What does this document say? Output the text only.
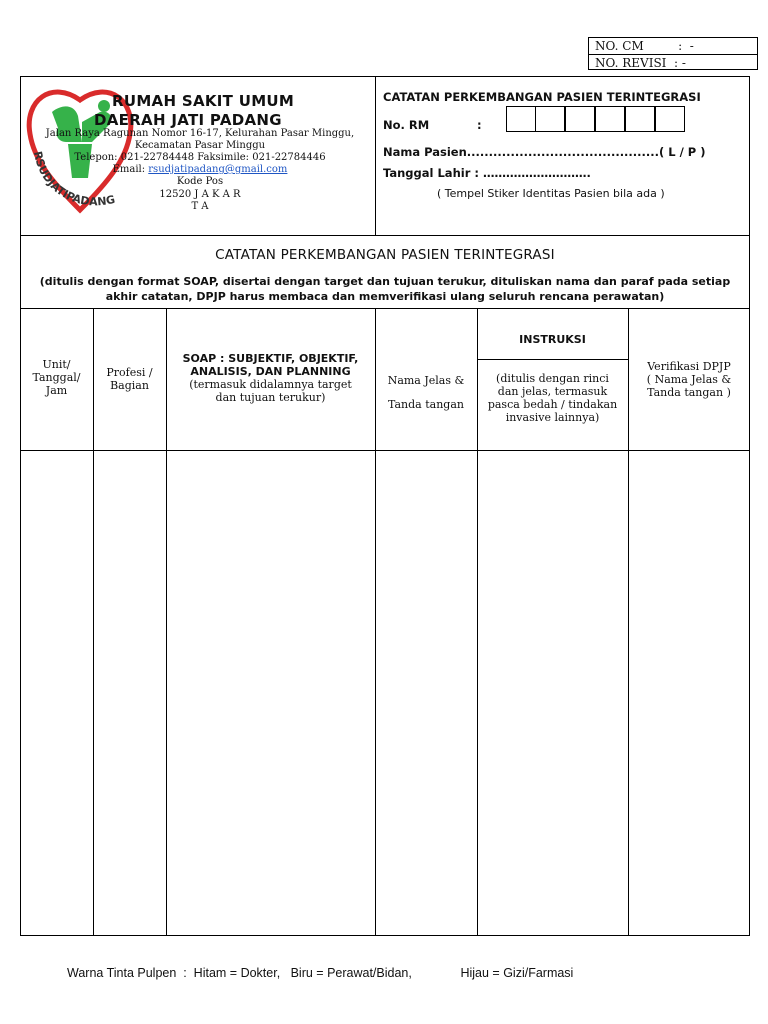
NO. CM         :  -
NO. REVISI  : -
RSUDJATIPADANG
RUMAH SAKIT UMUM
DAERAH JATI PADANG
Jalan Raya Ragunan Nomor 16-17, Kelurahan Pasar Minggu,
Kecamatan Pasar Minggu
Telepon: 021-22784448 Faksimile: 021-22784446
Email: rsudjatipadang@gmail.com
Kode Pos
12520 J A K A R
T A
CATATAN PERKEMBANGAN PASIEN TERINTEGRASI
No. RM	:
Nama Pasien............................................( L / P )
Tanggal Lahir : ……………………….
( Tempel Stiker Identitas Pasien bila ada )
CATATAN PERKEMBANGAN PASIEN TERINTEGRASI
(ditulis dengan format SOAP, disertai dengan target dan tujuan terukur, dituliskan nama dan paraf pada setiap
akhir catatan, DPJP harus membaca dan memverifikasi ulang seluruh rencana perawatan)
Unit/
Tanggal/
Jam
Profesi /
Bagian
SOAP : SUBJEKTIF, OBJEKTIF,
ANALISIS, DAN PLANNING
(termasuk didalamnya target
dan tujuan terukur)
Nama Jelas &
Tanda tangan
INSTRUKSI
(ditulis dengan rinci
dan jelas, termasuk
pasca bedah / tindakan
invasive lainnya)
Verifikasi DPJP
( Nama Jelas &
Tanda tangan )
Warna Tinta Pulpen  :  Hitam = Dokter,   Biru = Perawat/Bidan,              Hijau = Gizi/Farmasi
